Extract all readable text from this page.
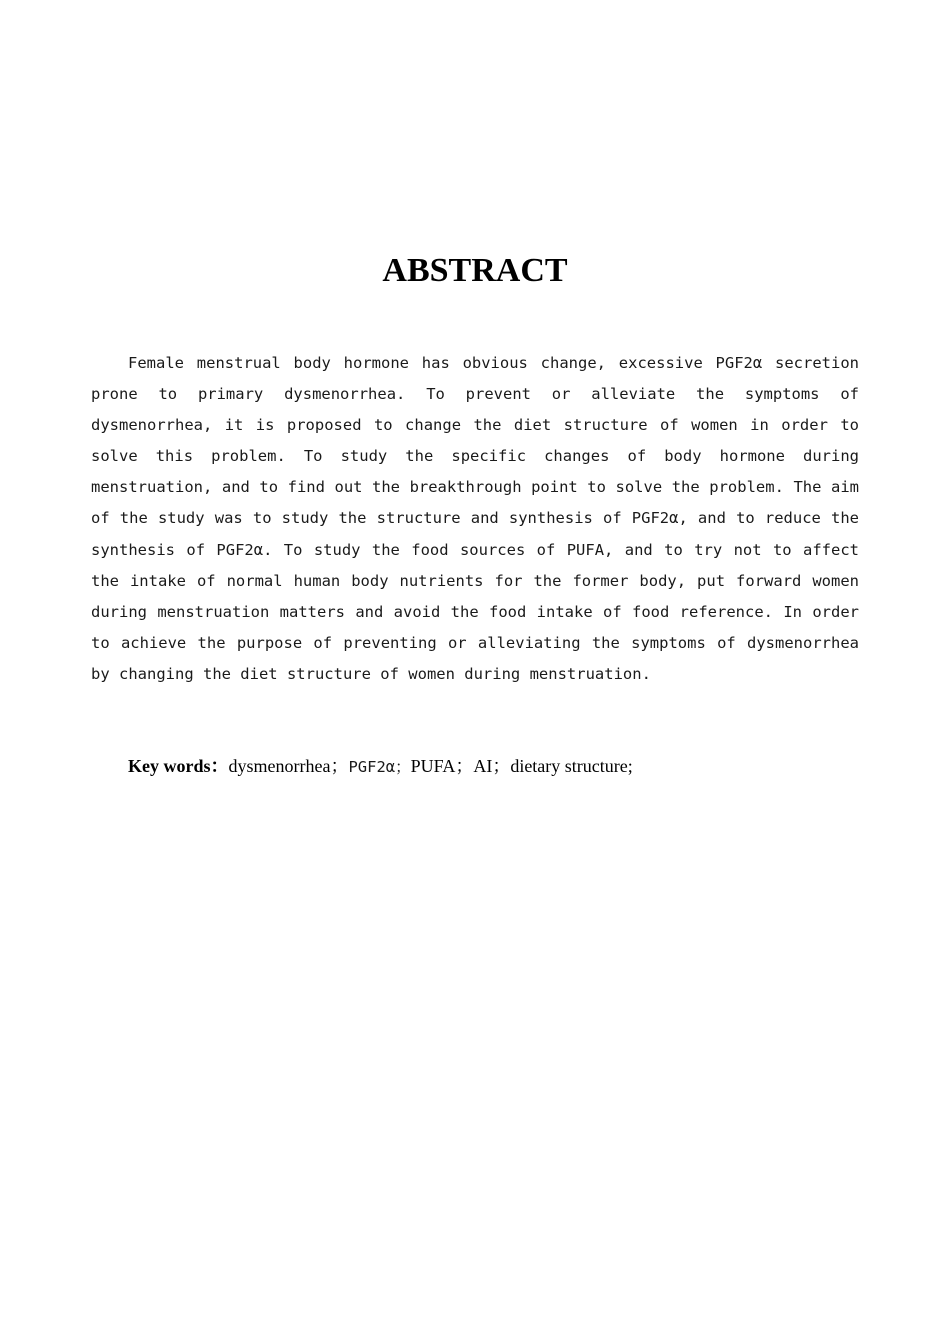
ABSTRACT

Female menstrual body hormone has obvious change, excessive PGF2α secretion prone to primary dysmenorrhea. To prevent or alleviate the symptoms of dysmenorrhea, it is proposed to change the diet structure of women in order to solve this problem. To study the specific changes of body hormone during menstruation, and to find out the breakthrough point to solve the problem. The aim of the study was to study the structure and synthesis of PGF2α, and to reduce the synthesis of PGF2α. To study the food sources of PUFA, and to try not to affect the intake of normal human body nutrients for the former body, put forward women during menstruation matters and avoid the food intake of food reference. In order to achieve the purpose of preventing or alleviating the symptoms of dysmenorrhea by changing the diet structure of women during menstruation.

Key words：dysmenorrhea；PGF2α；PUFA；AI；dietary structure;
